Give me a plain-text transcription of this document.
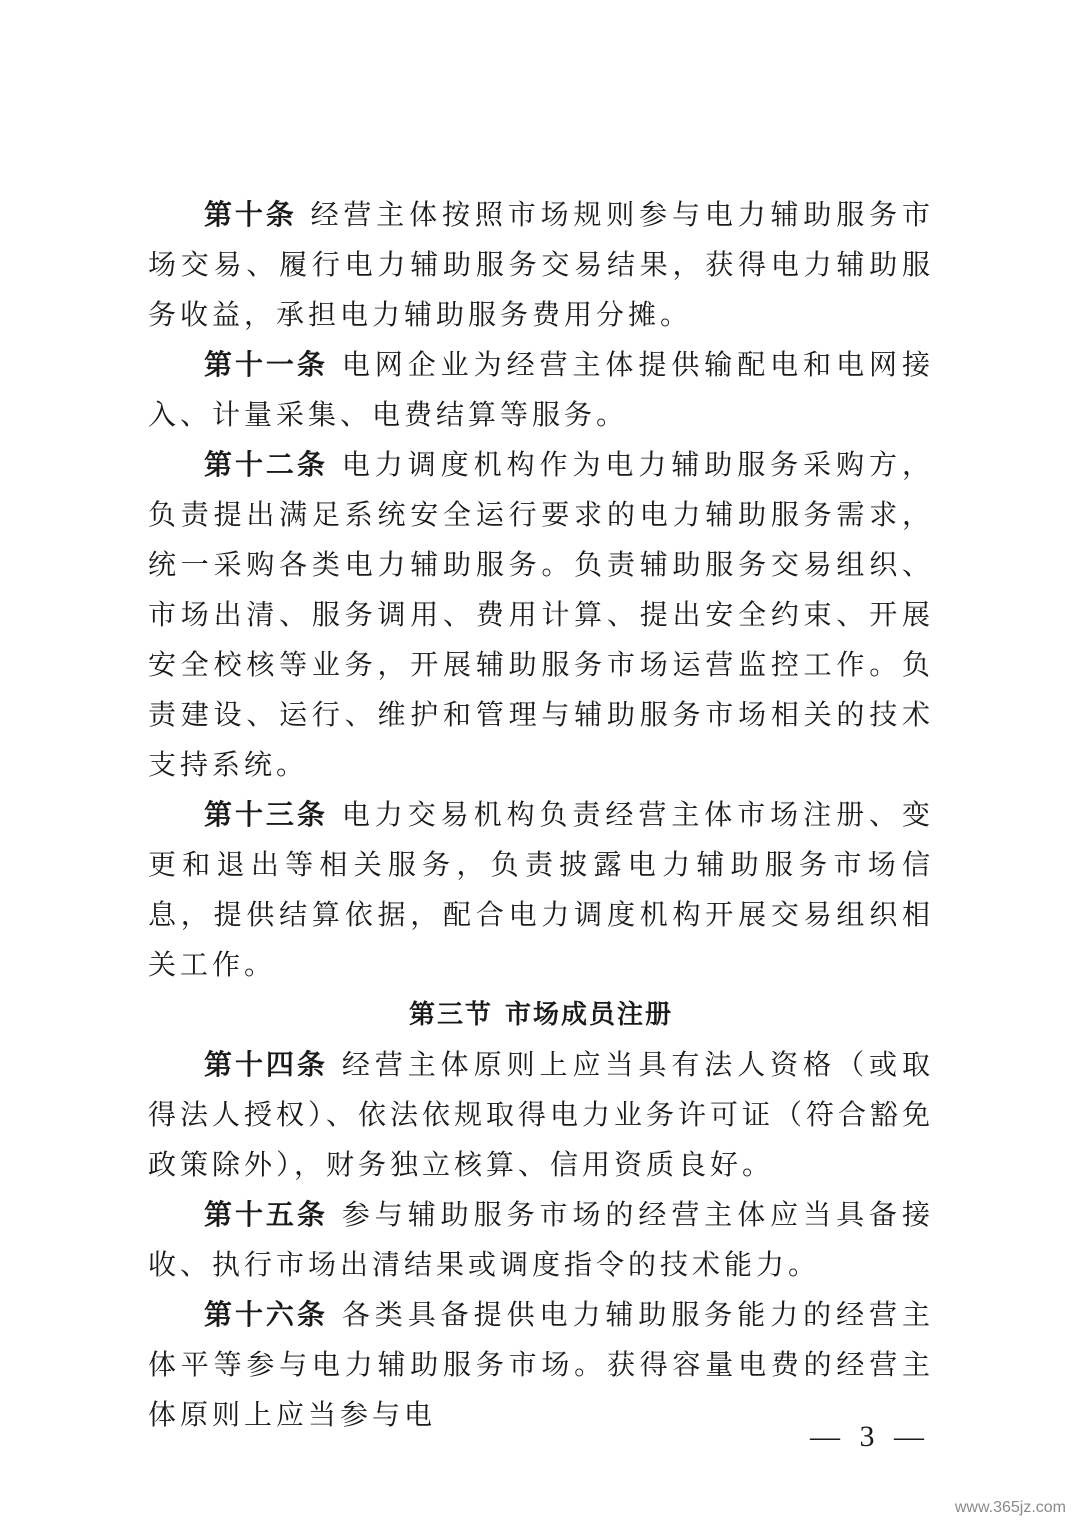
第十条 经营主体按照市场规则参与电力辅助服务市场交易、履行电力辅助服务交易结果，获得电力辅助服务收益，承担电力辅助服务费用分摊。

第十一条 电网企业为经营主体提供输配电和电网接入、计量采集、电费结算等服务。

第十二条 电力调度机构作为电力辅助服务采购方，负责提出满足系统安全运行要求的电力辅助服务需求，统一采购各类电力辅助服务。负责辅助服务交易组织、市场出清、服务调用、费用计算、提出安全约束、开展安全校核等业务，开展辅助服务市场运营监控工作。负责建设、运行、维护和管理与辅助服务市场相关的技术支持系统。

第十三条 电力交易机构负责经营主体市场注册、变更和退出等相关服务，负责披露电力辅助服务市场信息，提供结算依据，配合电力调度机构开展交易组织相关工作。

第三节 市场成员注册

第十四条 经营主体原则上应当具有法人资格（或取得法人授权）、依法依规取得电力业务许可证（符合豁免政策除外），财务独立核算、信用资质良好。

第十五条 参与辅助服务市场的经营主体应当具备接收、执行市场出清结果或调度指令的技术能力。

第十六条 各类具备提供电力辅助服务能力的经营主体平等参与电力辅助服务市场。获得容量电费的经营主体原则上应当参与电

— 3 —
www.365jz.com
